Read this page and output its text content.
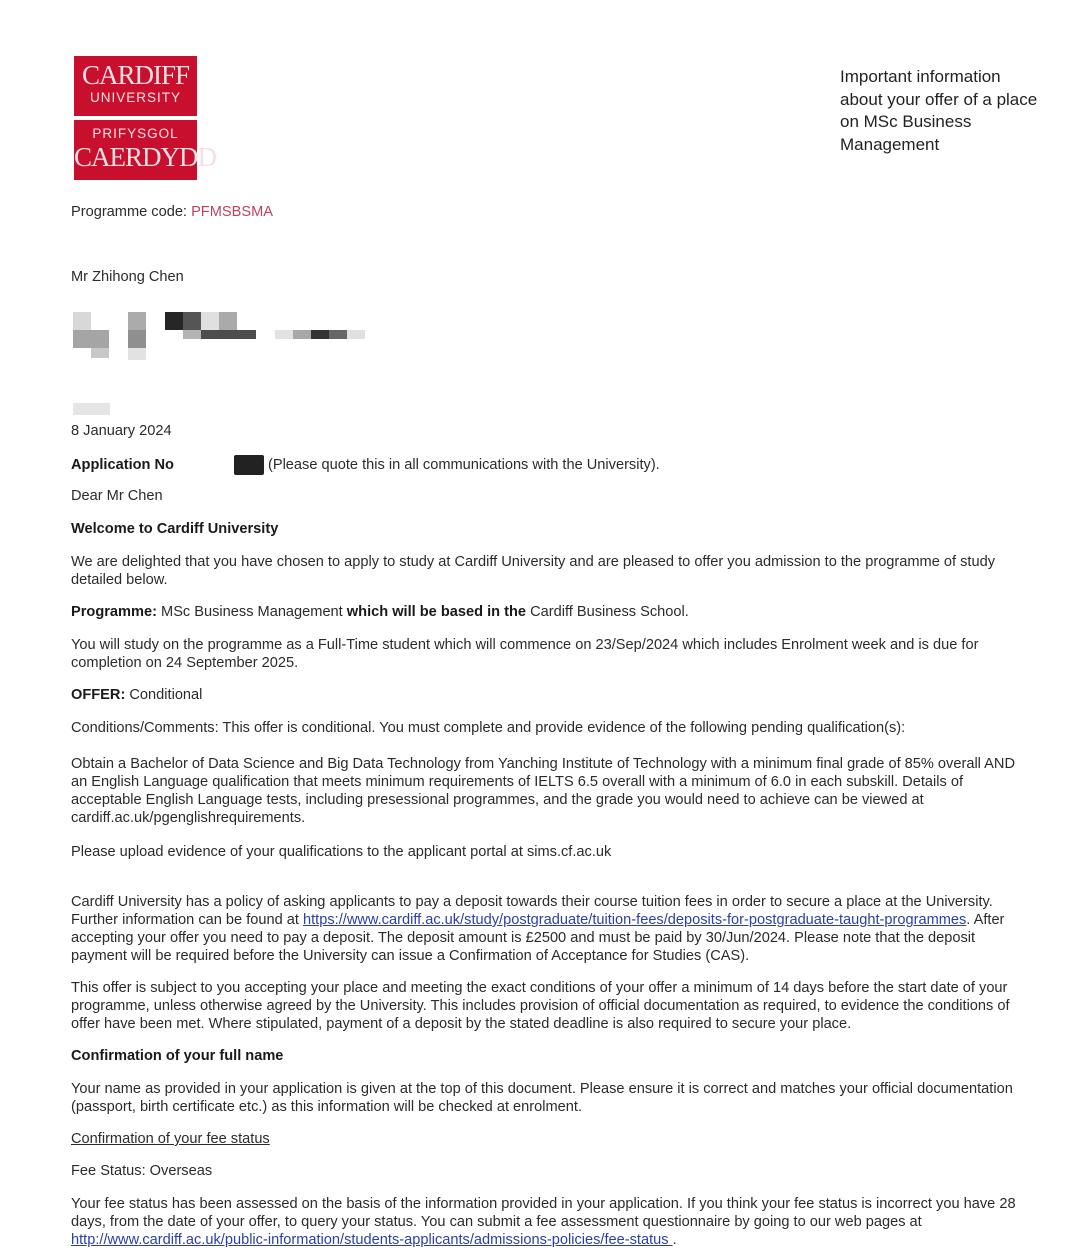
CARDIFF
UNIVERSITY
PRIFYSGOL
CAERDYDD
Important information about your offer of a place on MSc Business Management
Programme code: PFMSBSMA
Mr Zhihong Chen
8 January 2024
Application No	(Please quote this in all communications with the University).
Dear Mr Chen
Welcome to Cardiff University
We are delighted that you have chosen to apply to study at Cardiff University and are pleased to offer you admission to the programme of study detailed below.
Programme: MSc Business Management which will be based in the Cardiff Business School.
You will study on the programme as a Full-Time student which will commence on 23/Sep/2024 which includes Enrolment week and is due for completion on 24 September 2025.
OFFER: Conditional
Conditions/Comments: This offer is conditional. You must complete and provide evidence of the following pending qualification(s):
Obtain a Bachelor of Data Science and Big Data Technology from Yanching Institute of Technology with a minimum final grade of 85% overall AND an English Language qualification that meets minimum requirements of IELTS 6.5 overall with a minimum of 6.0 in each subskill. Details of acceptable English Language tests, including presessional programmes, and the grade you would need to achieve can be viewed at cardiff.ac.uk/pgenglishrequirements.
Please upload evidence of your qualifications to the applicant portal at sims.cf.ac.uk
Cardiff University has a policy of asking applicants to pay a deposit towards their course tuition fees in order to secure a place at the University. Further information can be found at https://www.cardiff.ac.uk/study/postgraduate/tuition-fees/deposits-for-postgraduate-taught-programmes. After accepting your offer you need to pay a deposit. The deposit amount is £2500 and must be paid by 30/Jun/2024. Please note that the deposit payment will be required before the University can issue a Confirmation of Acceptance for Studies (CAS).
This offer is subject to you accepting your place and meeting the exact conditions of your offer a minimum of 14 days before the start date of your programme, unless otherwise agreed by the University. This includes provision of official documentation as required, to evidence the conditions of offer have been met. Where stipulated, payment of a deposit by the stated deadline is also required to secure your place.
Confirmation of your full name
Your name as provided in your application is given at the top of this document. Please ensure it is correct and matches your official documentation (passport, birth certificate etc.) as this information will be checked at enrolment.
Confirmation of your fee status
Fee Status: Overseas
Your fee status has been assessed on the basis of the information provided in your application. If you think your fee status is incorrect you have 28 days, from the date of your offer, to query your status. You can submit a fee assessment questionnaire by going to our web pages at http://www.cardiff.ac.uk/public-information/students-applicants/admissions-policies/fee-status .
